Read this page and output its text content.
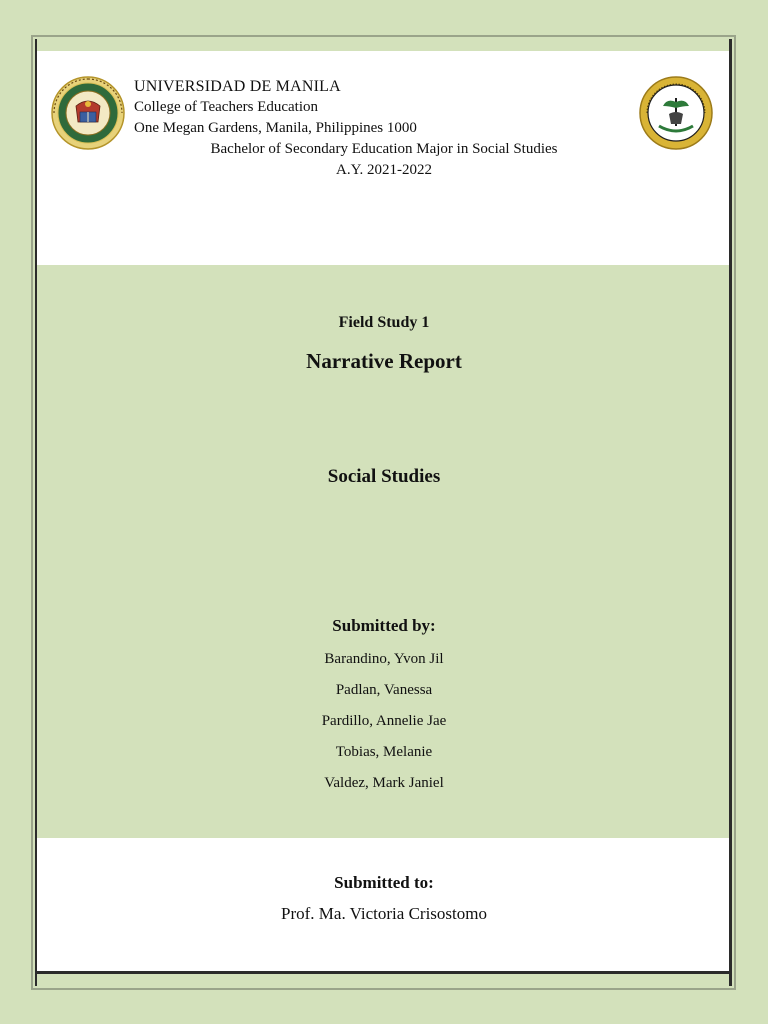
UNIVERSIDAD DE MANILA
College of Teachers Education
One Megan Gardens, Manila, Philippines 1000
Bachelor of Secondary Education Major in Social Studies
A.Y. 2021-2022
Field Study 1
Narrative Report
Social Studies
Submitted by:
Barandino, Yvon Jil
Padlan, Vanessa
Pardillo, Annelie Jae
Tobias, Melanie
Valdez, Mark Janiel
Submitted to:
Prof. Ma. Victoria Crisostomo
